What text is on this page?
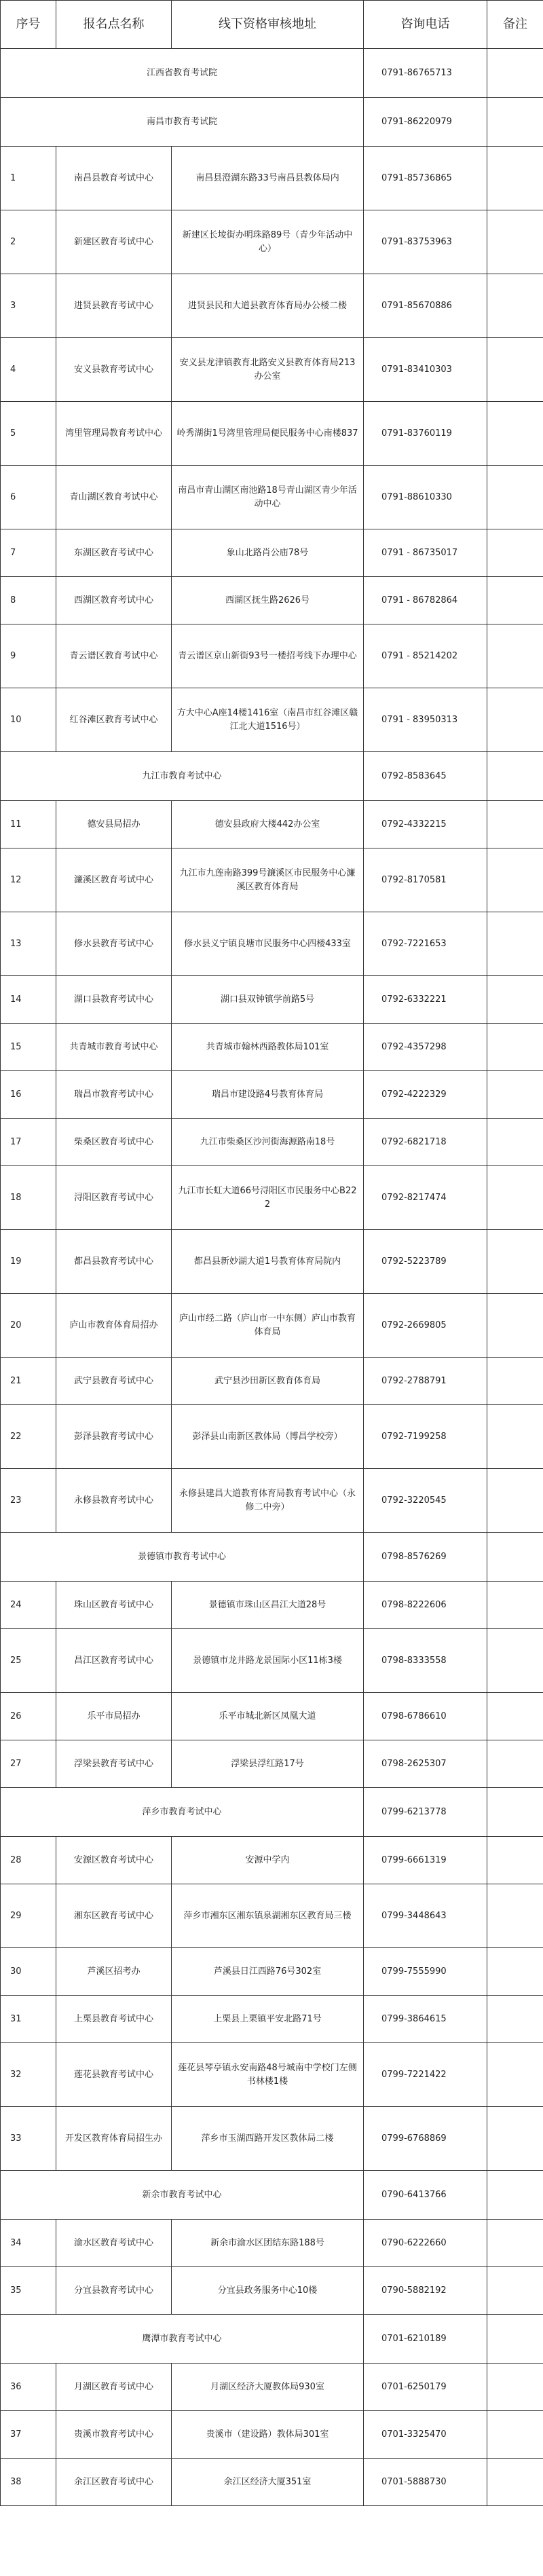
序号	报名点名称	线下资格审核地址	咨询电话	备注
江西省教育考试院			0791-86765713	
南昌市教育考试院			0791-86220979	
1	南昌县教育考试中心	南昌县澄湖东路33号南昌县教体局内	0791-85736865	
2	新建区教育考试中心	新建区长堎街办明珠路89号（青少年活动中心）	0791-83753963	
3	进贤县教育考试中心	进贤县民和大道县教育体育局办公楼二楼	0791-85670886	
4	安义县教育考试中心	安义县龙津镇教育北路安义县教育体育局213办公室	0791-83410303	
5	湾里管理局教育考试中心	岭秀湖街1号湾里管理局便民服务中心南楼837	0791-83760119	
6	青山湖区教育考试中心	南昌市青山湖区南池路18号青山湖区青少年活动中心	0791-88610330	
7	东湖区教育考试中心	象山北路肖公庙78号	0791 - 86735017	
8	西湖区教育考试中心	西湖区抚生路2626号	0791 - 86782864	
9	青云谱区教育考试中心	青云谱区京山新街93号一楼招考线下办理中心	0791 - 85214202	
10	红谷滩区教育考试中心	方大中心A座14楼1416室（南昌市红谷滩区赣江北大道1516号）	0791 - 83950313	
九江市教育考试中心			0792-8583645	
11	德安县局招办	德安县政府大楼442办公室	0792-4332215	
12	濂溪区教育考试中心	九江市九莲南路399号濂溪区市民服务中心濂溪区教育体育局	0792-8170581	
13	修水县教育考试中心	修水县义宁镇良塘市民服务中心四楼433室	0792-7221653	
14	湖口县教育考试中心	湖口县双钟镇学前路5号	0792-6332221	
15	共青城市教育考试中心	共青城市翰林西路教体局101室	0792-4357298	
16	瑞昌市教育考试中心	瑞昌市建设路4号教育体育局	0792-4222329	
17	柴桑区教育考试中心	九江市柴桑区沙河街海源路南18号	0792-6821718	
18	浔阳区教育考试中心	九江市长虹大道66号浔阳区市民服务中心B222	0792-8217474	
19	都昌县教育考试中心	都昌县新妙湖大道1号教育体育局院内	0792-5223789	
20	庐山市教育体育局招办	庐山市经二路（庐山市一中东侧）庐山市教育体育局	0792-2669805	
21	武宁县教育考试中心	武宁县沙田新区教育体育局	0792-2788791	
22	彭泽县教育考试中心	彭泽县山南新区教体局（博昌学校旁）	0792-7199258	
23	永修县教育考试中心	永修县建昌大道教育体育局教育考试中心（永修二中旁）	0792-3220545	
景德镇市教育考试中心			0798-8576269	
24	珠山区教育考试中心	景德镇市珠山区昌江大道28号	0798-8222606	
25	昌江区教育考试中心	景德镇市龙井路龙景国际小区11栋3楼	0798-8333558	
26	乐平市局招办	乐平市城北新区凤凰大道	0798-6786610	
27	浮梁县教育考试中心	浮梁县浮红路17号	0798-2625307	
萍乡市教育考试中心			0799-6213778	
28	安源区教育考试中心	安源中学内	0799-6661319	
29	湘东区教育考试中心	萍乡市湘东区湘东镇泉湖湘东区教育局三楼	0799-3448643	
30	芦溪区招考办	芦溪县日江西路76号302室	0799-7555990	
31	上栗县教育考试中心	上栗县上栗镇平安北路71号	0799-3864615	
32	莲花县教育考试中心	莲花县琴亭镇永安南路48号城南中学校门左侧书林楼1楼	0799-7221422	
33	开发区教育体育局招生办	萍乡市玉湖西路开发区教体局二楼	0799-6768869	
新余市教育考试中心			0790-6413766	
34	渝水区教育考试中心	新余市渝水区团结东路188号	0790-6222660	
35	分宜县教育考试中心	分宜县政务服务中心10楼	0790-5882192	
鹰潭市教育考试中心			0701-6210189	
36	月湖区教育考试中心	月湖区经济大厦教体局930室	0701-6250179	
37	贵溪市教育考试中心	贵溪市（建设路）教体局301室	0701-3325470	
38	余江区教育考试中心	余江区经济大厦351室	0701-5888730	
